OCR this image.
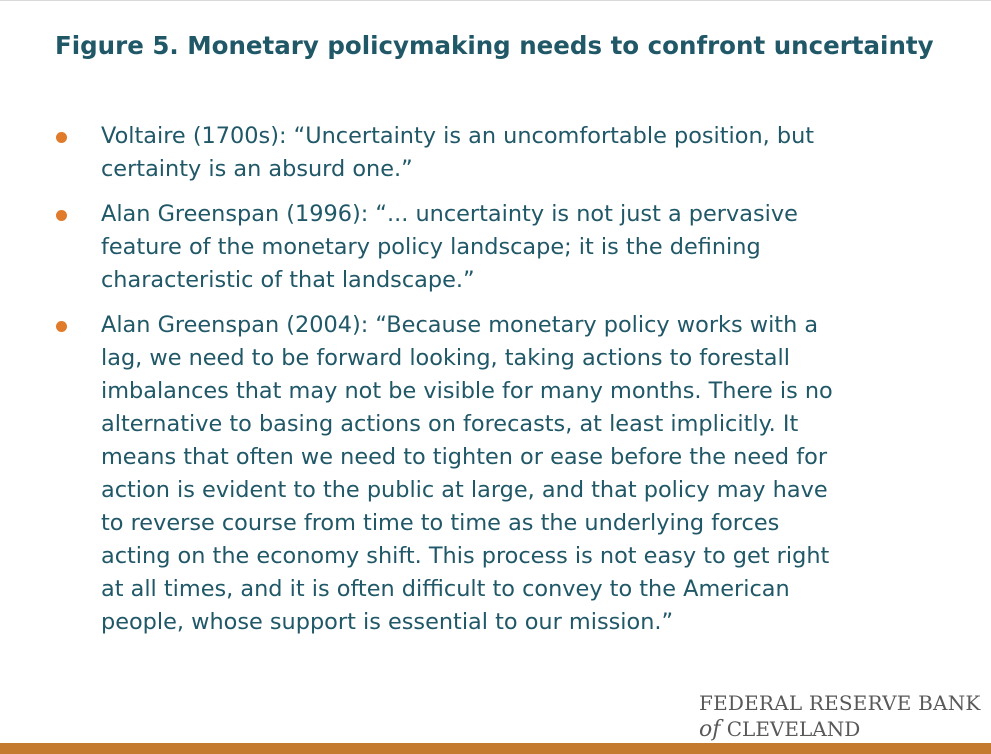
Figure 5. Monetary policymaking needs to confront uncertainty
Voltaire (1700s): “Uncertainty is an uncomfortable position, but
certainty is an absurd one.”
Alan Greenspan (1996): “... uncertainty is not just a pervasive
feature of the monetary policy landscape; it is the defining
characteristic of that landscape.”
Alan Greenspan (2004): “Because monetary policy works with a
lag, we need to be forward looking, taking actions to forestall
imbalances that may not be visible for many months. There is no
alternative to basing actions on forecasts, at least implicitly. It
means that often we need to tighten or ease before the need for
action is evident to the public at large, and that policy may have
to reverse course from time to time as the underlying forces
acting on the economy shift. This process is not easy to get right
at all times, and it is often difficult to convey to the American
people, whose support is essential to our mission.”
FEDERAL RESERVE BANK
of CLEVELAND
